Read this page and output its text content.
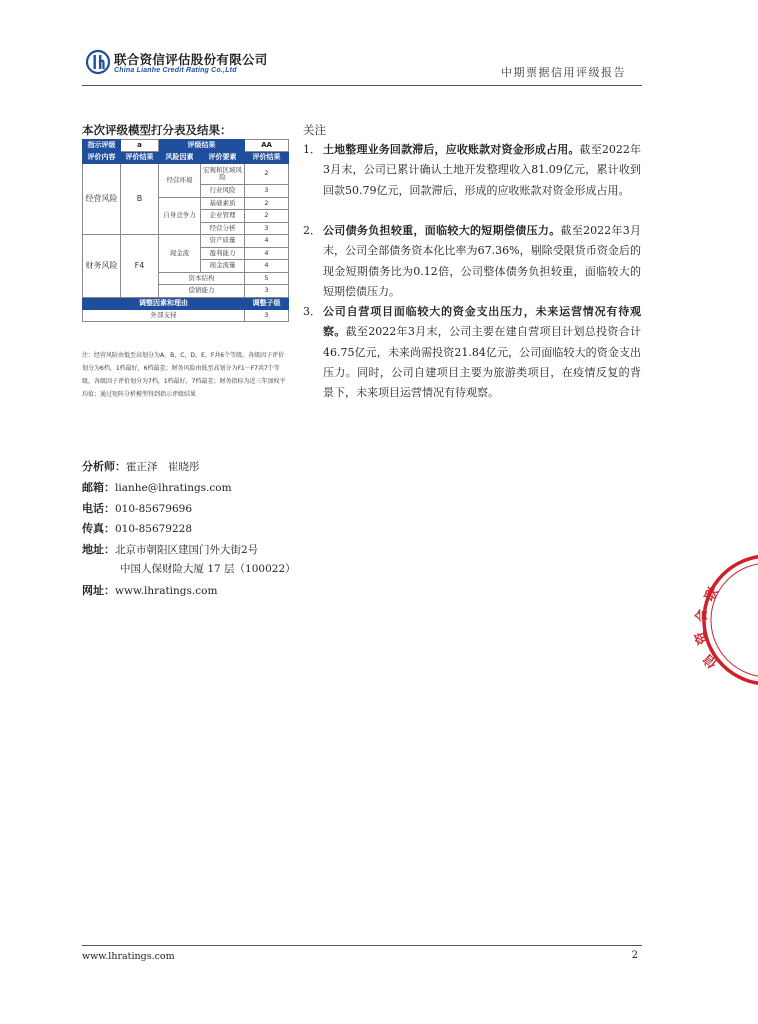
联合资信评估股份有限公司
China Lianhe Credit Rating Co.,Ltd	中期票据信用评级报告
本次评级模型打分表及结果：
指示评级	a	评级结果		AA
评价内容	评价结果	风险因素	评价要素	评价结果
经营风险	B	经营环境	宏观和区域风险	2
			行业风险	3
		自身竞争力	基础素质	2
			企业管理	2
			经营分析	3
财务风险	F4	现金流	资产质量	4
			盈利能力	4
			现金流量	4
		资本结构		5
		偿债能力		3
调整因素和理由				调整子级
外部支持				3
注：经营风险由低至高划分为A、B、C、D、E、F共6个等级，各级因子评价划分为6档，1档最好，6档最差；财务风险由低至高划分为F1－F7共7个等级，各级因子评价划分为7档，1档最好，7档最差；财务指标为近三年加权平均值；通过矩阵分析模型得到指示评级结果
分析师：霍正泽　崔晓彤
邮箱：lianhe@lhratings.com
电话：010-85679696
传真：010-85679228
地址：北京市朝阳区建国门外大街2号
中国人保财险大厦 17 层（100022）
网址：www.lhratings.com
关注
1． 土地整理业务回款滞后，应收账款对资金形成占用。截至2022年3月末，公司已累计确认土地开发整理收入81.09亿元，累计收到回款50.79亿元，回款滞后，形成的应收账款对资金形成占用。
2． 公司债务负担较重，面临较大的短期偿债压力。截至2022年3月末，公司全部债务资本化比率为67.36%，剔除受限货币资金后的现金短期债务比为0.12倍，公司整体债务负担较重，面临较大的短期偿债压力。
3． 公司自营项目面临较大的资金支出压力，未来运营情况有待观察。截至2022年3月末，公司主要在建自营项目计划总投资合计46.75亿元，未来尚需投资21.84亿元，公司面临较大的资金支出压力。同时，公司自建项目主要为旅游类项目，在疫情反复的背景下，未来项目运营情况有待观察。
联
合
资
信
www.lhratings.com	2
